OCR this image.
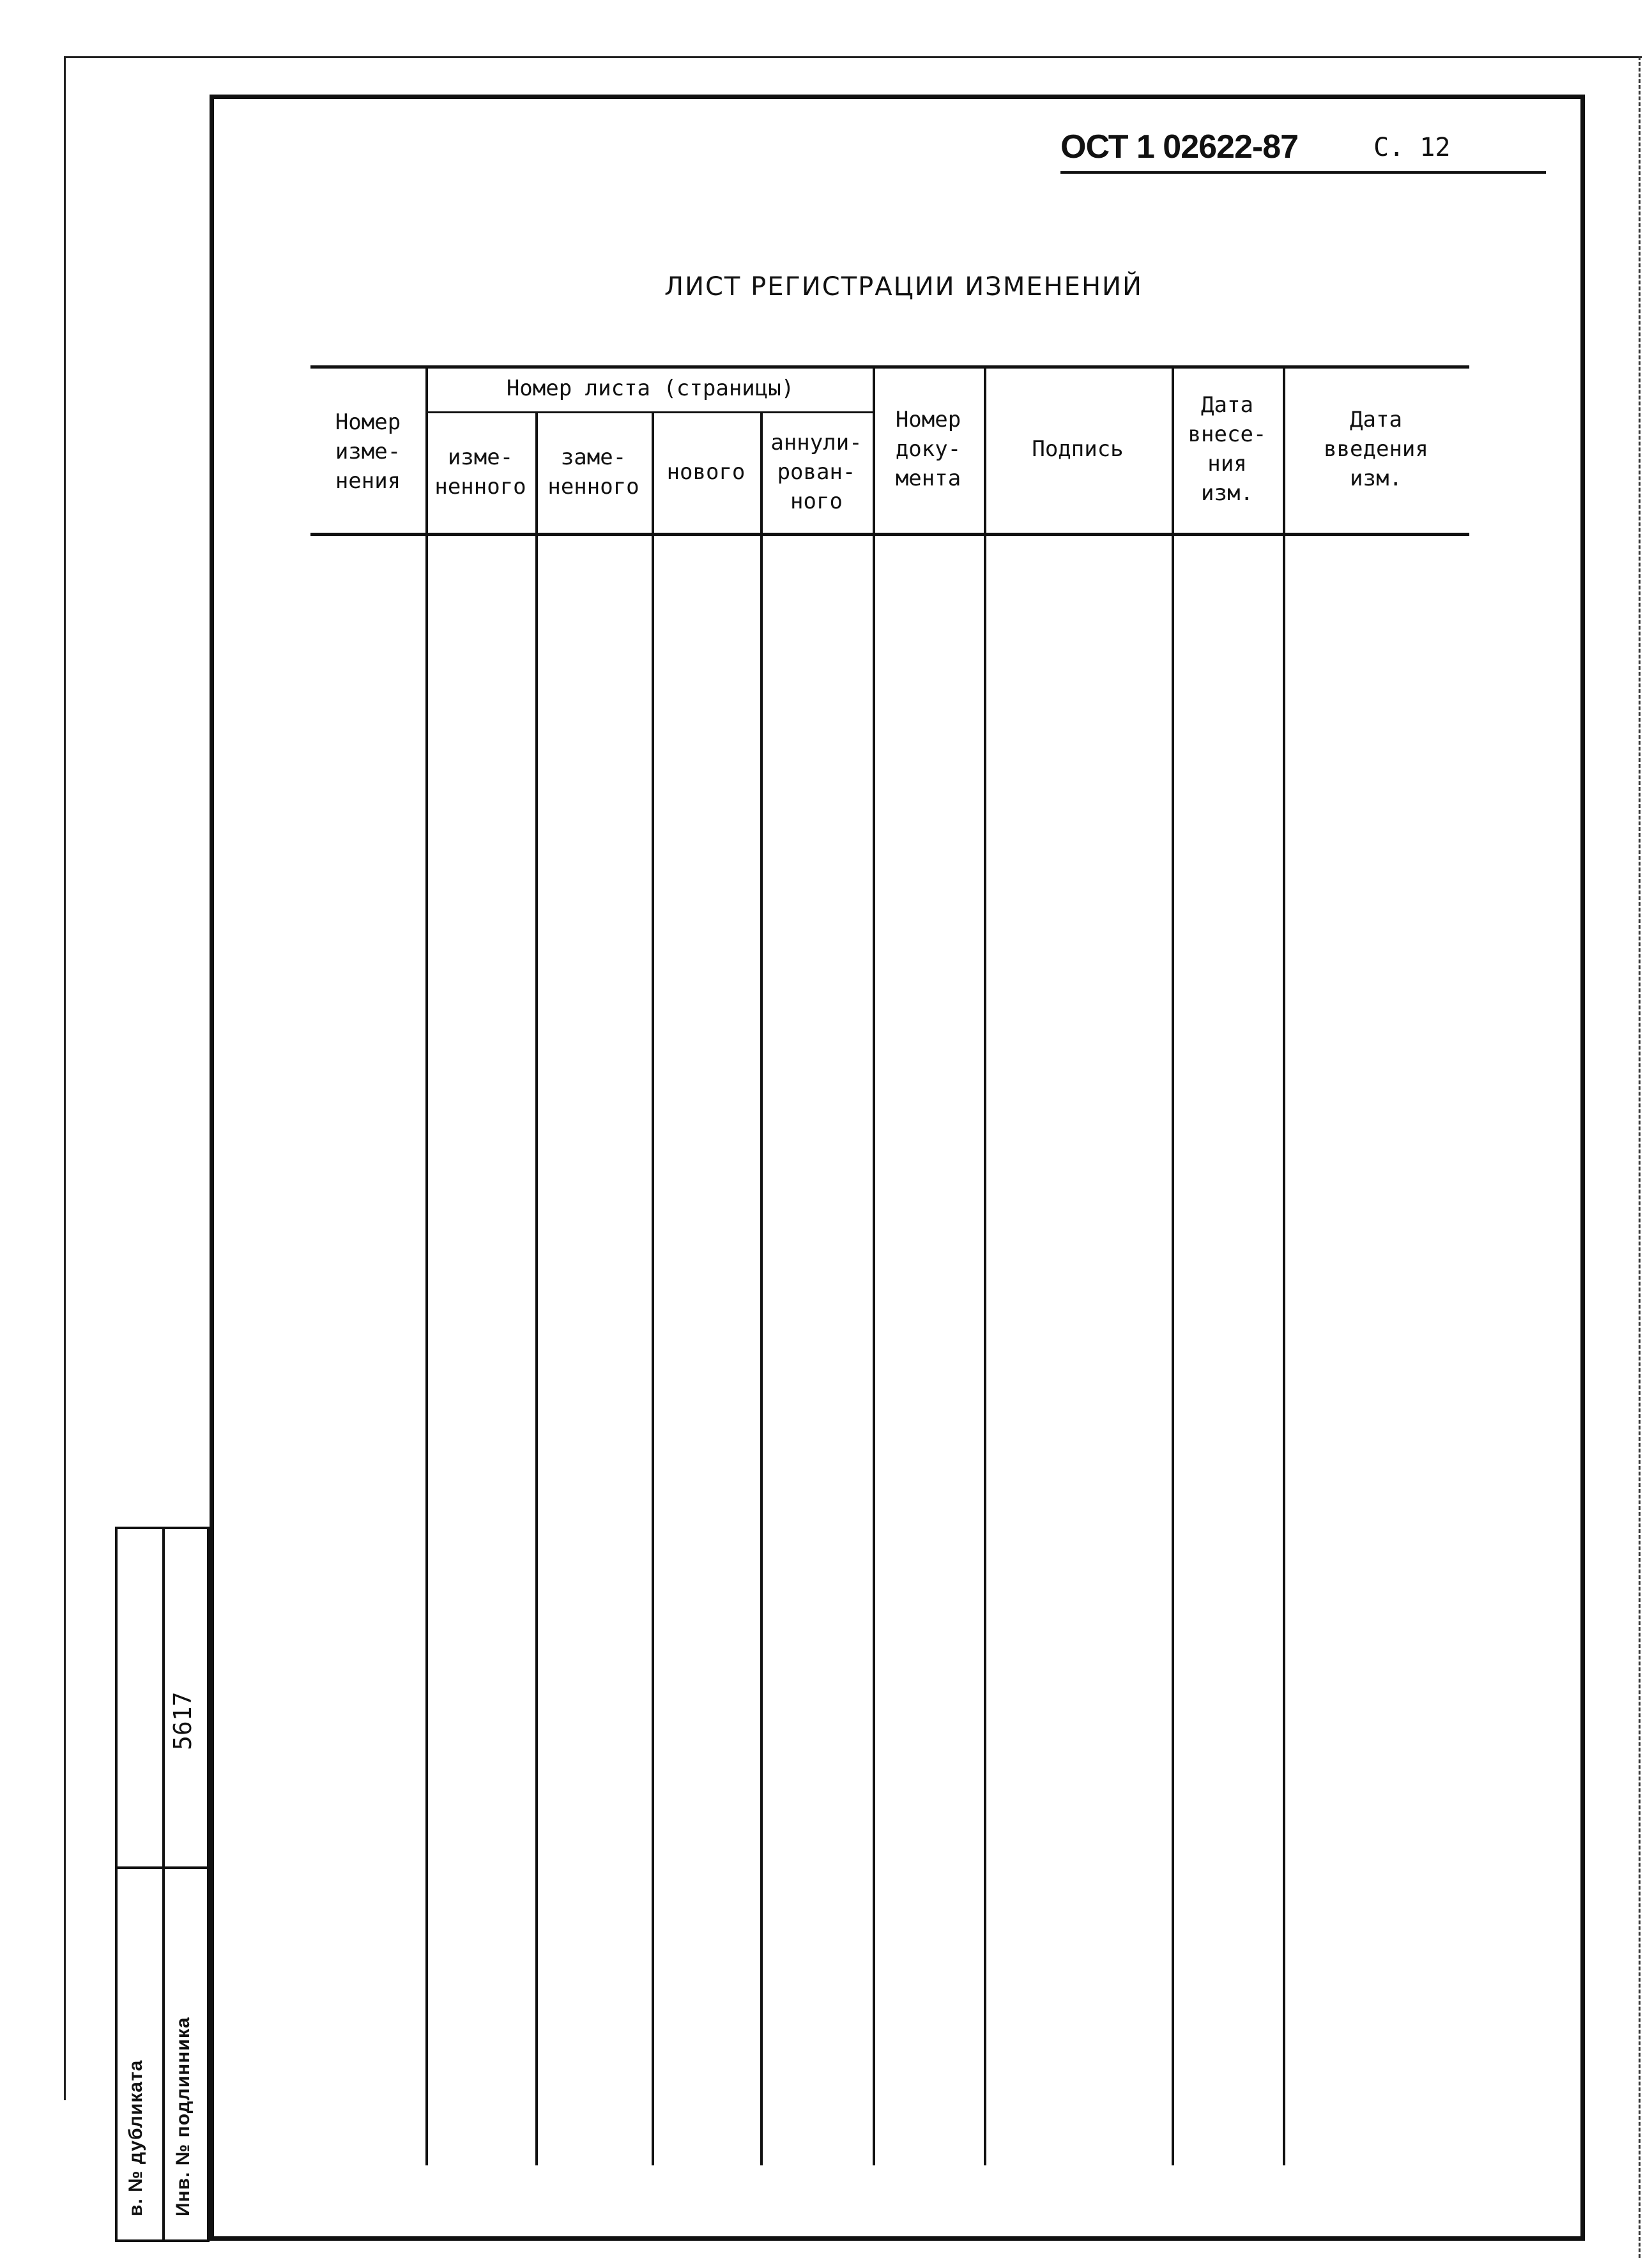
ОСТ 1 02622-87	С. 12
ЛИСТ РЕГИСТРАЦИИ ИЗМЕНЕНИЙ
Номер
изме-
нения
Номер листа (страницы)
изме-
ненного
заме-
ненного
нового
аннули-
рован-
ного
Номер
доку-
мента
Подпись
Дата
внесе-
ния
изм.
Дата
введения
изм.
в. № дубликата Инв. № подлинника
5617
